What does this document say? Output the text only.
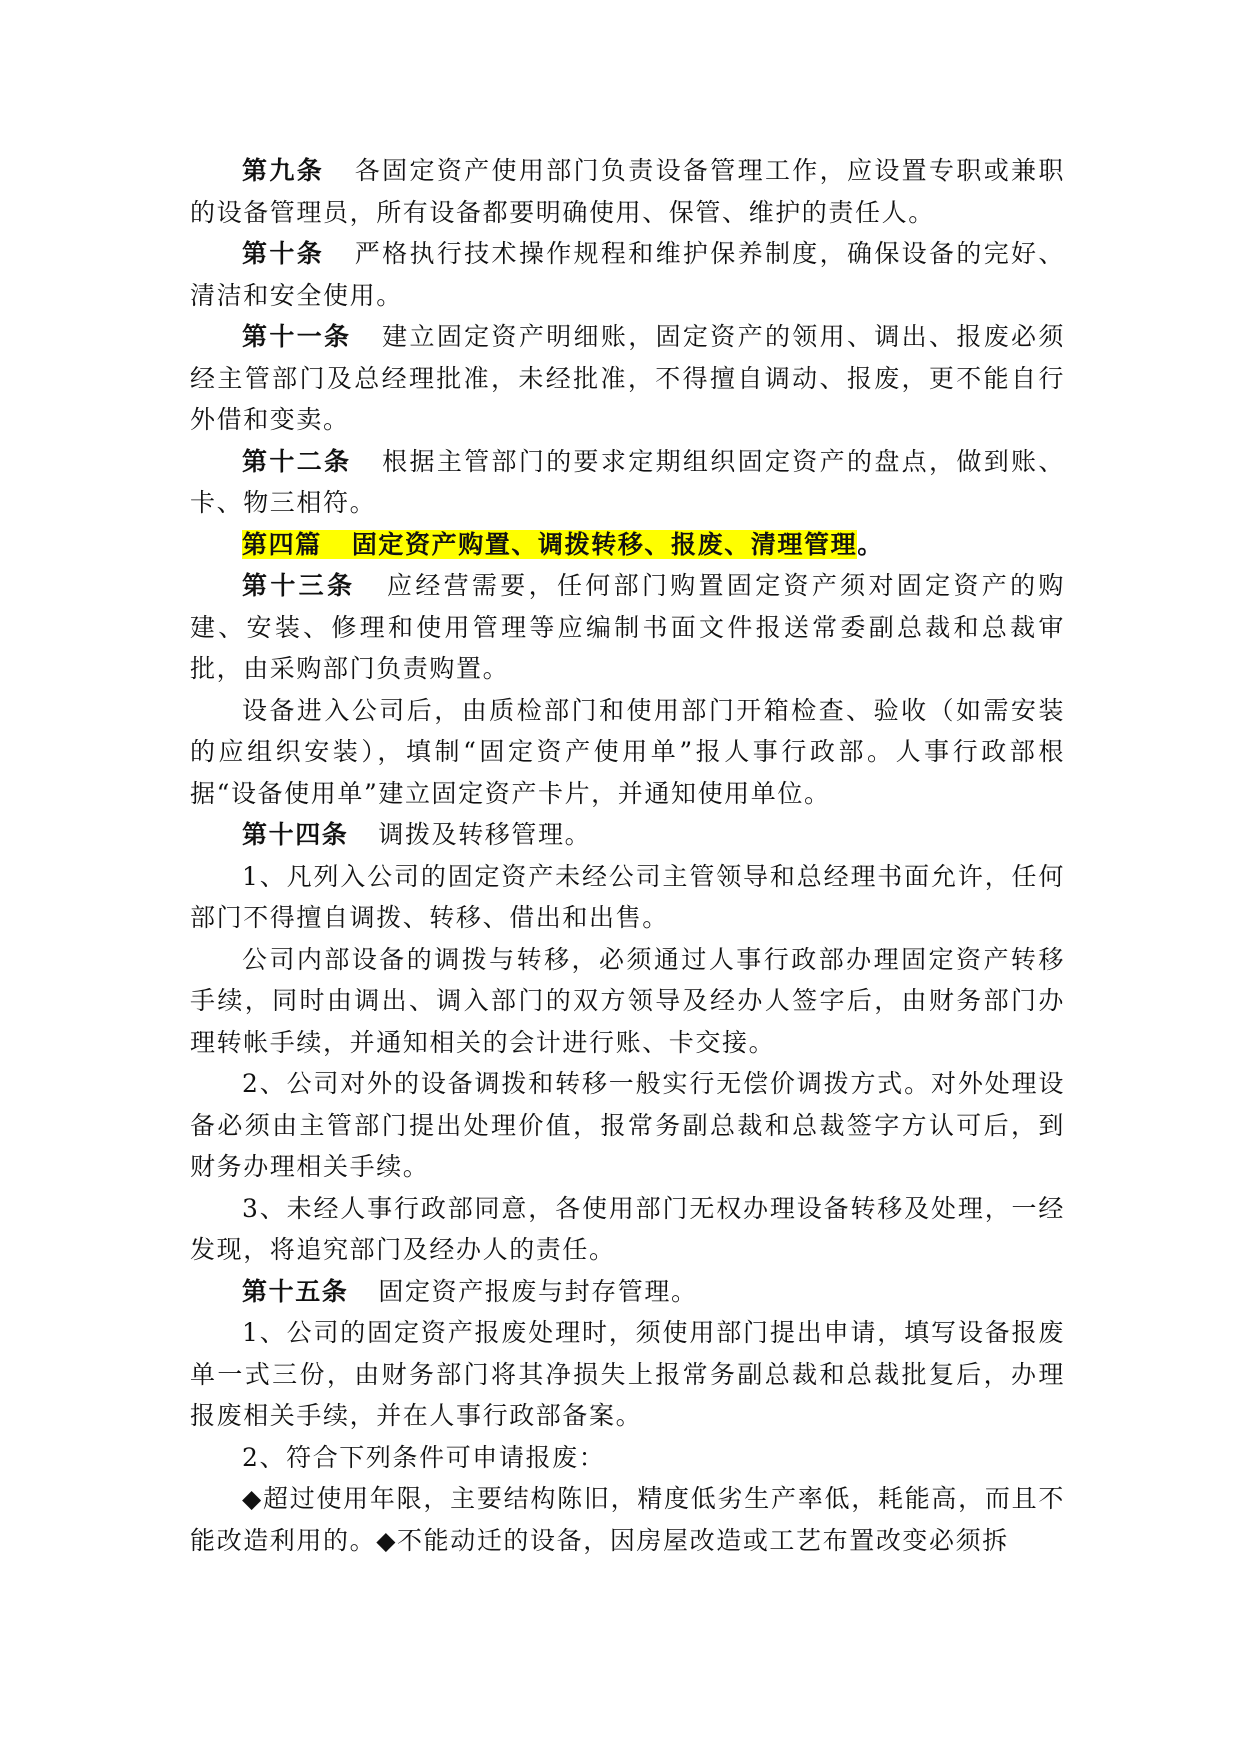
第九条 各固定资产使用部门负责设备管理工作，应设置专职或兼职的设备管理员，所有设备都要明确使用、保管、维护的责任人。

第十条 严格执行技术操作规程和维护保养制度，确保设备的完好、清洁和安全使用。

第十一条 建立固定资产明细账，固定资产的领用、调出、报废必须经主管部门及总经理批准，未经批准，不得擅自调动、报废，更不能自行外借和变卖。

第十二条 根据主管部门的要求定期组织固定资产的盘点，做到账、卡、物三相符。

第四篇 固定资产购置、调拨转移、报废、清理管理。

第十三条 应经营需要，任何部门购置固定资产须对固定资产的购建、安装、修理和使用管理等应编制书面文件报送常委副总裁和总裁审批，由采购部门负责购置。

设备进入公司后，由质检部门和使用部门开箱检查、验收（如需安装的应组织安装），填制“固定资产使用单”报人事行政部。人事行政部根据“设备使用单”建立固定资产卡片，并通知使用单位。

第十四条 调拨及转移管理。

1、凡列入公司的固定资产未经公司主管领导和总经理书面允许，任何部门不得擅自调拨、转移、借出和出售。

公司内部设备的调拨与转移，必须通过人事行政部办理固定资产转移手续，同时由调出、调入部门的双方领导及经办人签字后，由财务部门办理转帐手续，并通知相关的会计进行账、卡交接。

2、公司对外的设备调拨和转移一般实行无偿价调拨方式。对外处理设备必须由主管部门提出处理价值，报常务副总裁和总裁签字方认可后，到财务办理相关手续。

3、未经人事行政部同意，各使用部门无权办理设备转移及处理，一经发现，将追究部门及经办人的责任。

第十五条 固定资产报废与封存管理。

1、公司的固定资产报废处理时，须使用部门提出申请，填写设备报废单一式三份，由财务部门将其净损失上报常务副总裁和总裁批复后，办理报废相关手续，并在人事行政部备案。

2、符合下列条件可申请报废：

◆超过使用年限，主要结构陈旧，精度低劣生产率低，耗能高，而且不能改造利用的。◆不能动迁的设备，因房屋改造或工艺布置改变必须拆
